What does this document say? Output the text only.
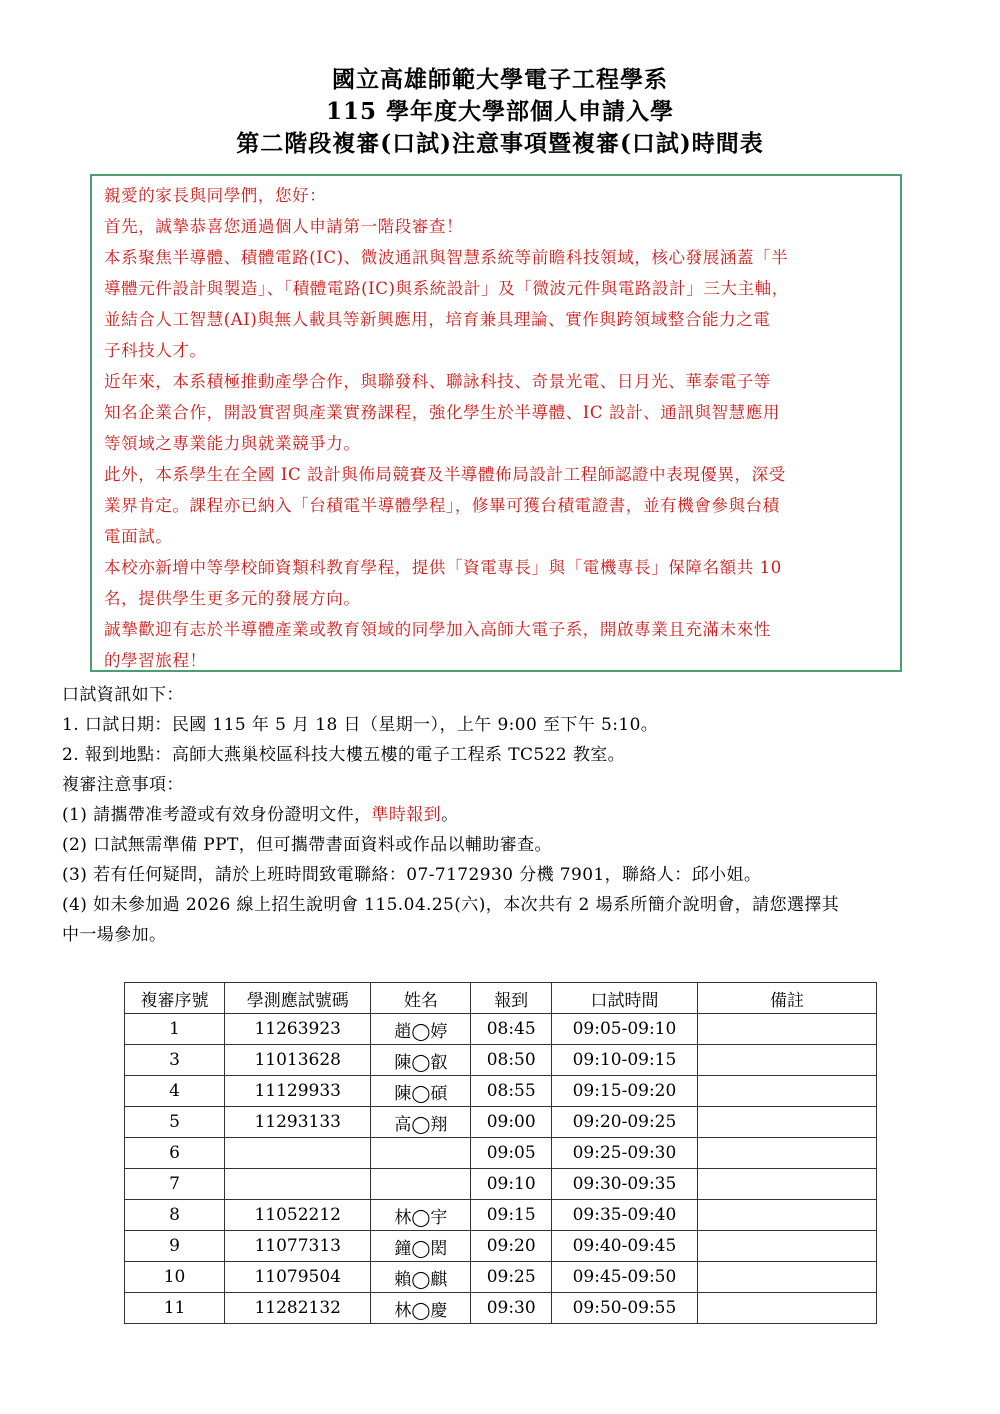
國立高雄師範大學電子工程學系
115 學年度大學部個人申請入學
第二階段複審(口試)注意事項暨複審(口試)時間表
親愛的家長與同學們，您好：
首先，誠摯恭喜您通過個人申請第一階段審查！
本系聚焦半導體、積體電路(IC)、微波通訊與智慧系統等前瞻科技領域，核心發展涵蓋「半
導體元件設計與製造」、「積體電路(IC)與系統設計」及「微波元件與電路設計」三大主軸，
並結合人工智慧(AI)與無人載具等新興應用，培育兼具理論、實作與跨領域整合能力之電
子科技人才。
近年來，本系積極推動產學合作，與聯發科、聯詠科技、奇景光電、日月光、華泰電子等
知名企業合作，開設實習與產業實務課程，強化學生於半導體、IC 設計、通訊與智慧應用
等領域之專業能力與就業競爭力。
此外，本系學生在全國 IC 設計與佈局競賽及半導體佈局設計工程師認證中表現優異，深受
業界肯定。課程亦已納入「台積電半導體學程」，修畢可獲台積電證書，並有機會參與台積
電面試。
本校亦新增中等學校師資類科教育學程，提供「資電專長」與「電機專長」保障名額共 10
名，提供學生更多元的發展方向。
誠摯歡迎有志於半導體產業或教育領域的同學加入高師大電子系，開啟專業且充滿未來性
的學習旅程！
口試資訊如下：
1. 口試日期：民國 115 年 5 月 18 日（星期一），上午 9:00 至下午 5:10。
2. 報到地點：高師大燕巢校區科技大樓五樓的電子工程系 TC522 教室。
複審注意事項：
(1) 請攜帶准考證或有效身份證明文件，準時報到。
(2) 口試無需準備 PPT，但可攜帶書面資料或作品以輔助審查。
(3) 若有任何疑問，請於上班時間致電聯絡：07-7172930 分機 7901，聯絡人：邱小姐。
(4) 如未參加過 2026 線上招生說明會 115.04.25(六)，本次共有 2 場系所簡介說明會，請您選擇其
中一場參加。
複審序號	學測應試號碼	姓名	報到	口試時間	備註
1	11263923	趙◯婷	08:45	09:05-09:10	
3	11013628	陳◯叡	08:50	09:10-09:15	
4	11129933	陳◯碩	08:55	09:15-09:20	
5	11293133	高◯翔	09:00	09:20-09:25	
6			09:05	09:25-09:30	
7			09:10	09:30-09:35	
8	11052212	林◯宇	09:15	09:35-09:40	
9	11077313	鐘◯閎	09:20	09:40-09:45	
10	11079504	賴◯麒	09:25	09:45-09:50	
11	11282132	林◯慶	09:30	09:50-09:55	
